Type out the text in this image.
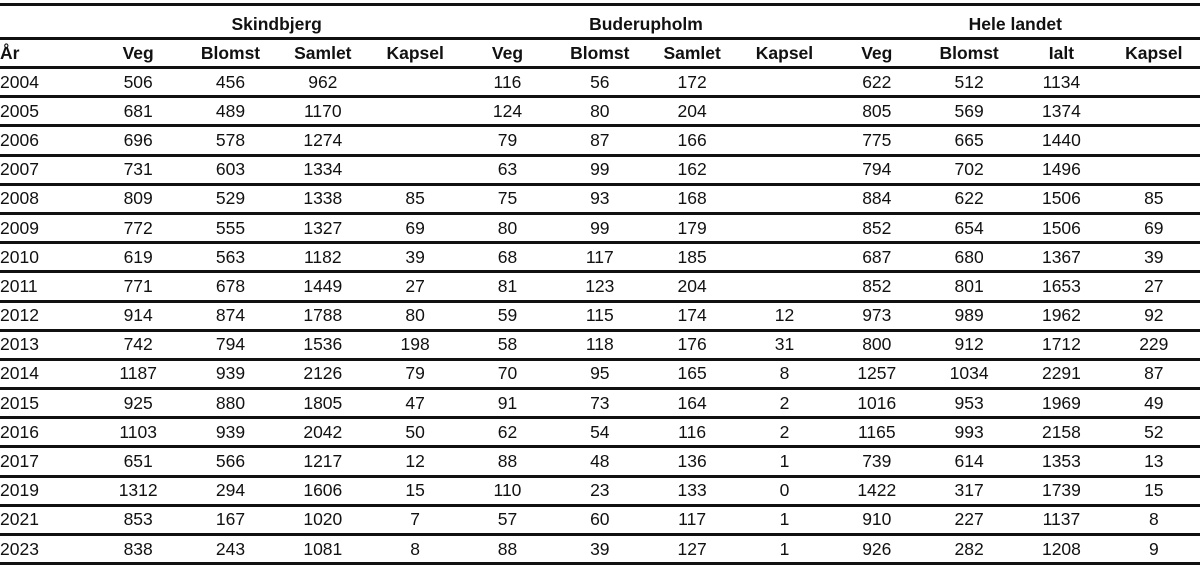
	Skindbjerg				Buderupholm				Hele landet			
År	Veg	Blomst	Samlet	Kapsel	Veg	Blomst	Samlet	Kapsel	Veg	Blomst	Ialt	Kapsel
2004	506	456	962		116	56	172		622	512	1134	
2005	681	489	1170		124	80	204		805	569	1374	
2006	696	578	1274		79	87	166		775	665	1440	
2007	731	603	1334		63	99	162		794	702	1496	
2008	809	529	1338	85	75	93	168		884	622	1506	85
2009	772	555	1327	69	80	99	179		852	654	1506	69
2010	619	563	1182	39	68	117	185		687	680	1367	39
2011	771	678	1449	27	81	123	204		852	801	1653	27
2012	914	874	1788	80	59	115	174	12	973	989	1962	92
2013	742	794	1536	198	58	118	176	31	800	912	1712	229
2014	1187	939	2126	79	70	95	165	8	1257	1034	2291	87
2015	925	880	1805	47	91	73	164	2	1016	953	1969	49
2016	1103	939	2042	50	62	54	116	2	1165	993	2158	52
2017	651	566	1217	12	88	48	136	1	739	614	1353	13
2019	1312	294	1606	15	110	23	133	0	1422	317	1739	15
2021	853	167	1020	7	57	60	117	1	910	227	1137	8
2023	838	243	1081	8	88	39	127	1	926	282	1208	9
